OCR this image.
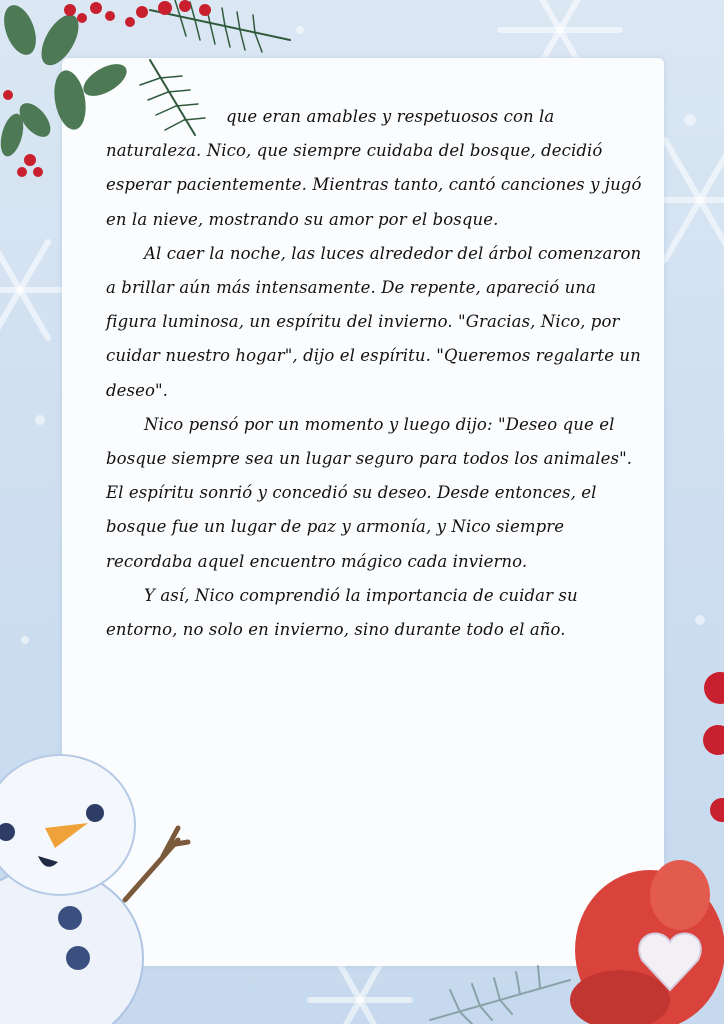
que eran amables y respetuosos con la naturaleza. Nico, que siempre cuidaba del bosque, decidió esperar pacientemente. Mientras tanto, cantó canciones y jugó en la nieve, mostrando su amor por el bosque.

Al caer la noche, las luces alrededor del árbol comenzaron a brillar aún más intensamente. De repente, apareció una figura luminosa, un espíritu del invierno. "Gracias, Nico, por cuidar nuestro hogar", dijo el espíritu. "Queremos regalarte un deseo".

Nico pensó por un momento y luego dijo: "Deseo que el bosque siempre sea un lugar seguro para todos los animales". El espíritu sonrió y concedió su deseo. Desde entonces, el bosque fue un lugar de paz y armonía, y Nico siempre recordaba aquel encuentro mágico cada invierno.

Y así, Nico comprendió la importancia de cuidar su entorno, no solo en invierno, sino durante todo el año.
